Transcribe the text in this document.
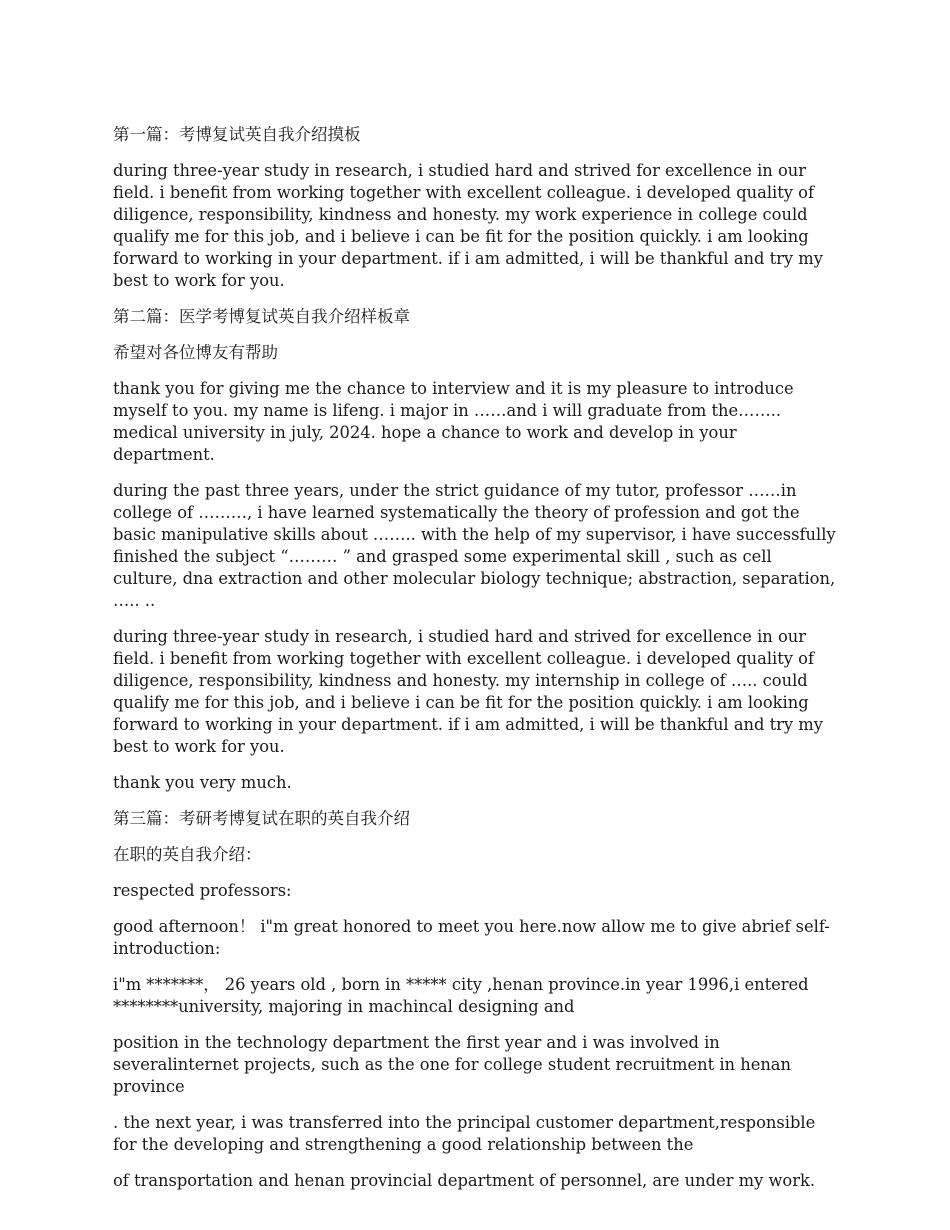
第一篇：考博复试英自我介绍摸板

during three-year study in research, i studied hard and strived for excellence in our field. i benefit from working together with excellent colleague. i developed quality of diligence, responsibility, kindness and honesty. my work experience in college could qualify me for this job, and i believe i can be fit for the position quickly. i am looking forward to working in your department. if i am admitted, i will be thankful and try my best to work for you.

第二篇：医学考博复试英自我介绍样板章

希望对各位博友有帮助

thank you for giving me the chance to interview and it is my pleasure to introduce myself to you. my name is lifeng. i major in ……and i will graduate from the…….. medical university in july, 2024. hope a chance to work and develop in your department.

during the past three years, under the strict guidance of my tutor, professor ……in college of ………, i have learned systematically the theory of profession and got the basic manipulative skills about …….. with the help of my supervisor, i have successfully finished the subject “……… ” and grasped some experimental skill , such as cell culture, dna extraction and other molecular biology technique; abstraction, separation, ….. ..

during three-year study in research, i studied hard and strived for excellence in our field. i benefit from working together with excellent colleague. i developed quality of diligence, responsibility, kindness and honesty. my internship in college of ….. could qualify me for this job, and i believe i can be fit for the position quickly. i am looking forward to working in your department. if i am admitted, i will be thankful and try my best to work for you.

thank you very much.

第三篇：考研考博复试在职的英自我介绍

在职的英自我介绍：

respected professors:

good afternoon！ i"m great honored to meet you here.now allow me to give abrief self-introduction:

i"m *******， 26 years old , born in ***** city ,henan province.in year 1996,i entered ********university, majoring in machincal designing and

position in the technology department the first year and i was involved in severalinternet projects, such as the one for college student recruitment in henan province

. the next year, i was transferred into the principal customer department,responsible for the developing and strengthening a good relationship between the

of transportation and henan provincial department of personnel, are under my work.
